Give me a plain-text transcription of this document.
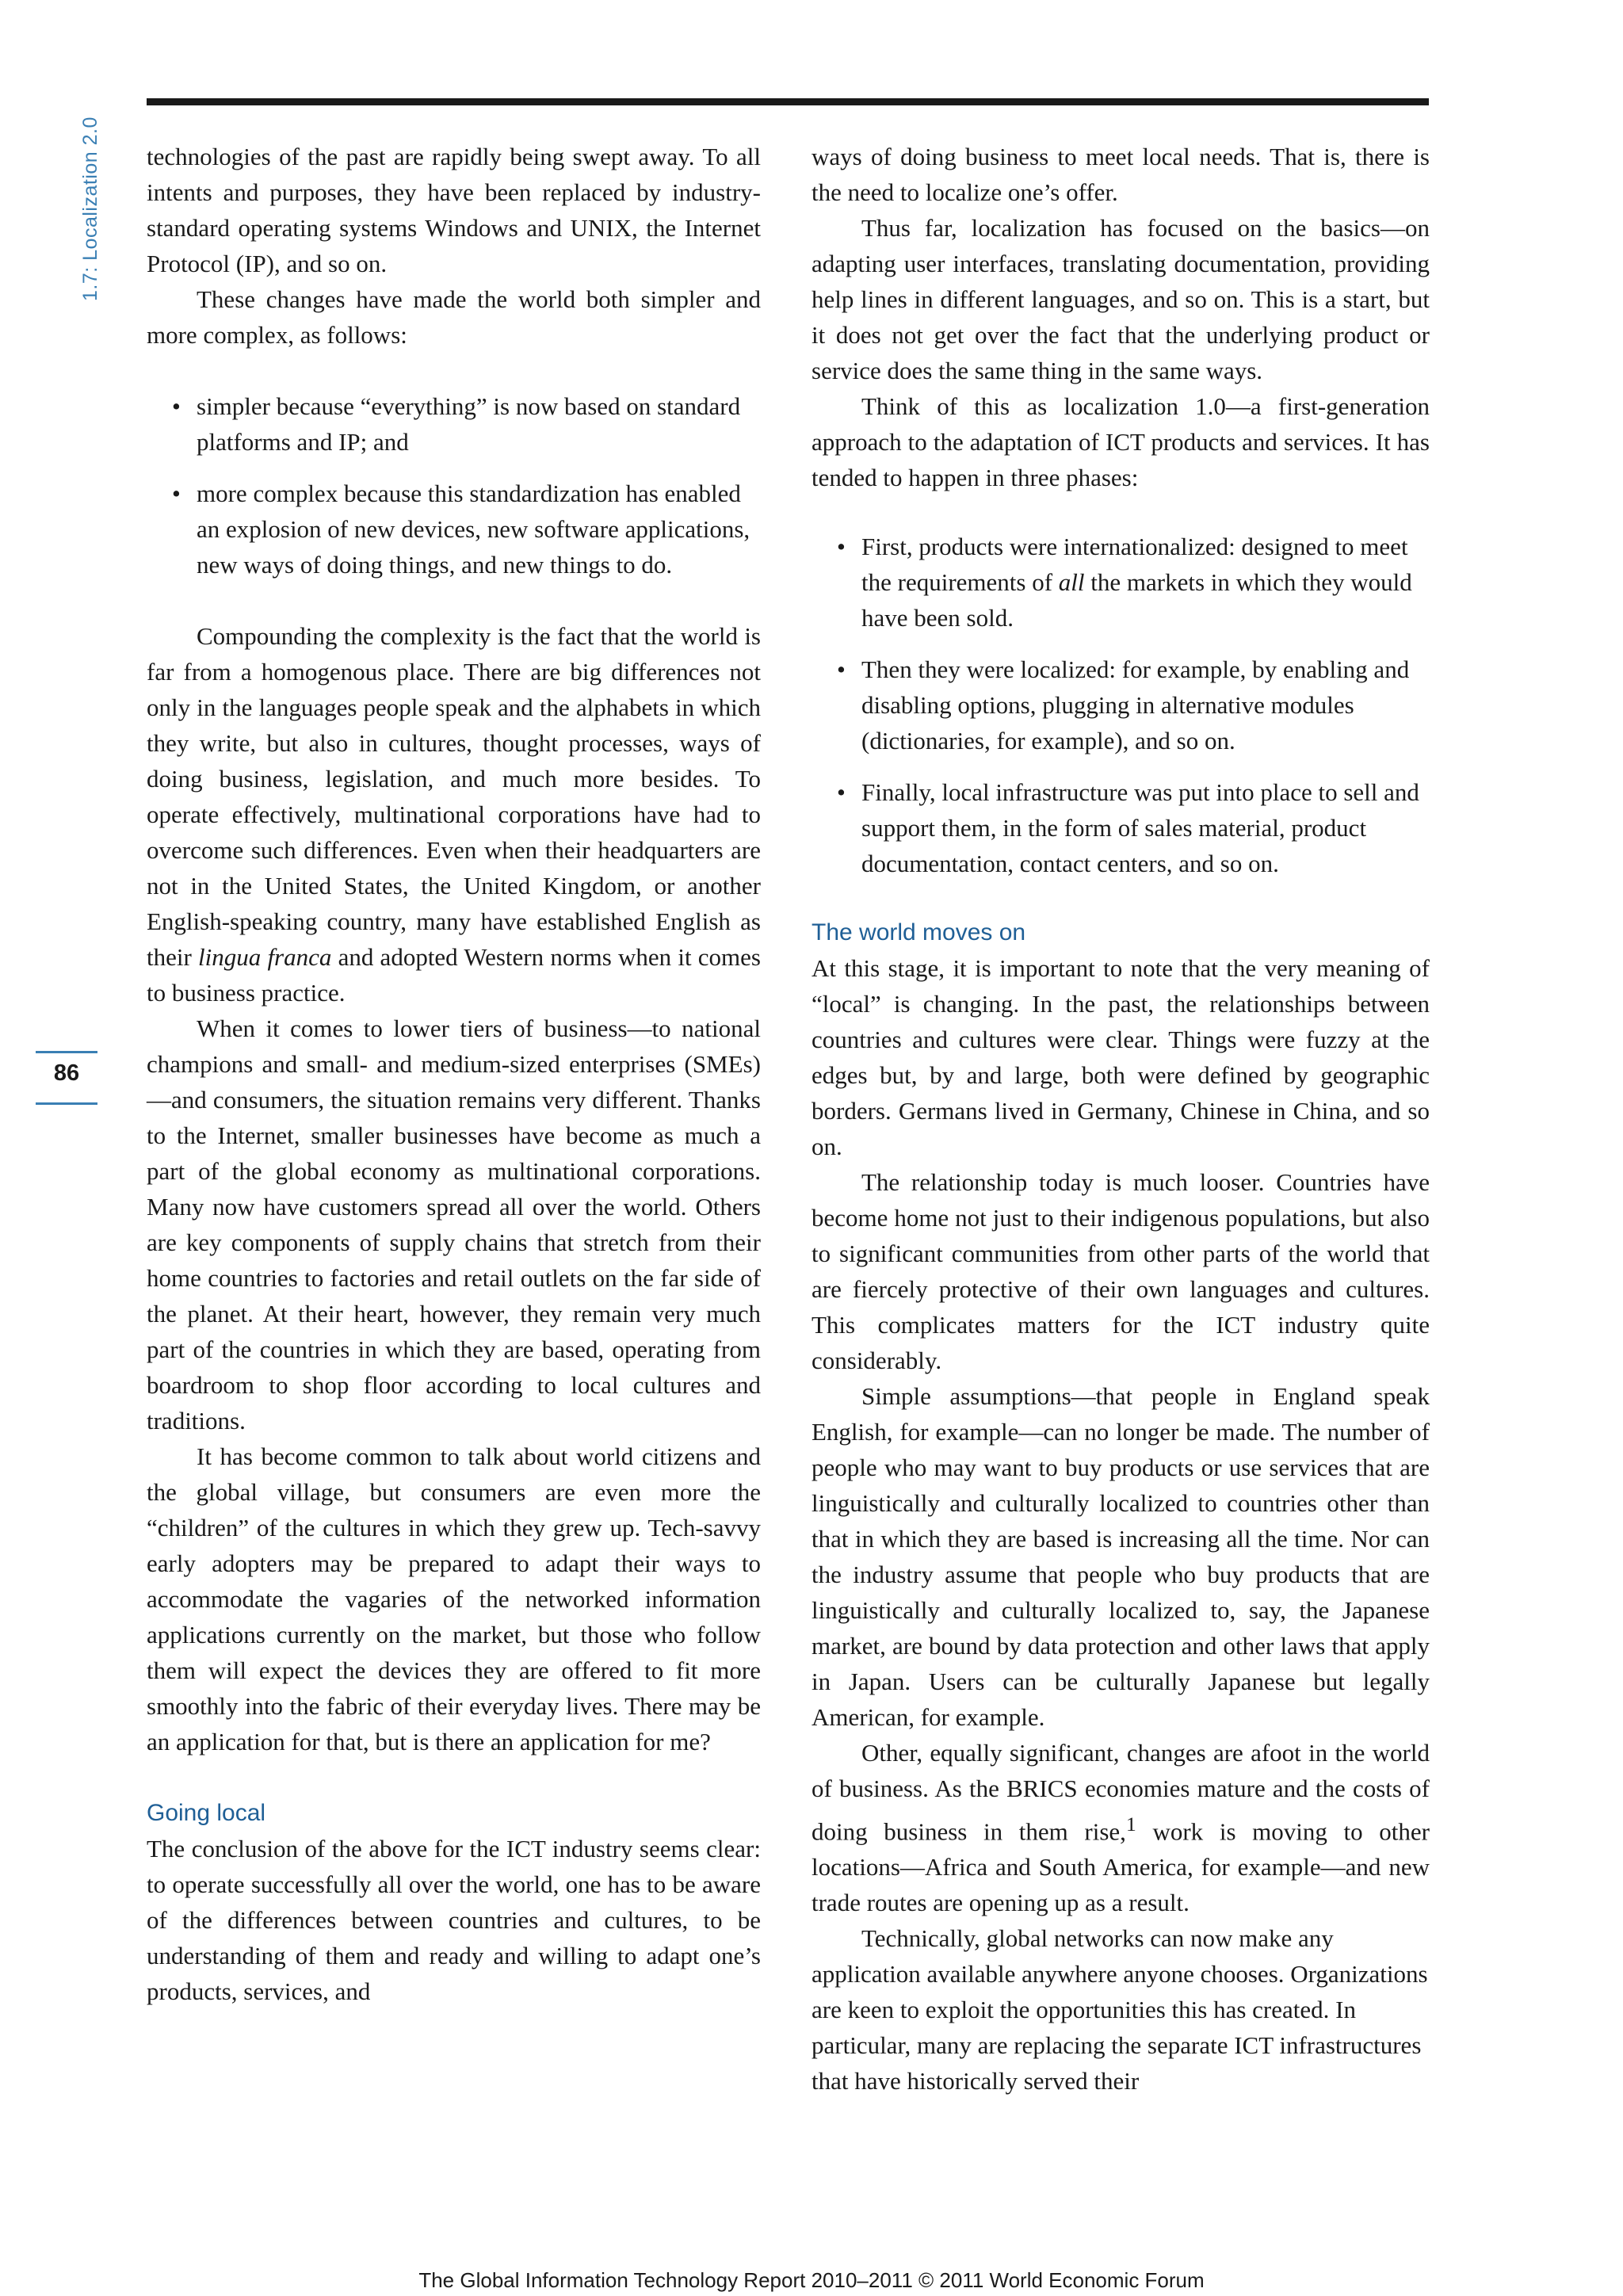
1.7: Localization 2.0
86

technologies of the past are rapidly being swept away. To all intents and purposes, they have been replaced by industry-standard operating systems Windows and UNIX, the Internet Protocol (IP), and so on.

These changes have made the world both simpler and more complex, as follows:

• simpler because “everything” is now based on standard platforms and IP; and
• more complex because this standardization has enabled an explosion of new devices, new software applications, new ways of doing things, and new things to do.

Compounding the complexity is the fact that the world is far from a homogenous place. There are big differences not only in the languages people speak and the alphabets in which they write, but also in cultures, thought processes, ways of doing business, legislation, and much more besides. To operate effectively, multinational corporations have had to overcome such differences. Even when their headquarters are not in the United States, the United Kingdom, or another English-speaking country, many have established English as their lingua franca and adopted Western norms when it comes to business practice.

When it comes to lower tiers of business—to national champions and small- and medium-sized enterprises (SMEs)—and consumers, the situation remains very different. Thanks to the Internet, smaller businesses have become as much a part of the global economy as multinational corporations. Many now have customers spread all over the world. Others are key components of supply chains that stretch from their home countries to factories and retail outlets on the far side of the planet. At their heart, however, they remain very much part of the countries in which they are based, operating from boardroom to shop floor according to local cultures and traditions.

It has become common to talk about world citizens and the global village, but consumers are even more the “children” of the cultures in which they grew up. Tech-savvy early adopters may be prepared to adapt their ways to accommodate the vagaries of the networked information applications currently on the market, but those who follow them will expect the devices they are offered to fit more smoothly into the fabric of their everyday lives. There may be an application for that, but is there an application for me?

Going local

The conclusion of the above for the ICT industry seems clear: to operate successfully all over the world, one has to be aware of the differences between countries and cultures, to be understanding of them and ready and willing to adapt one’s products, services, and

ways of doing business to meet local needs. That is, there is the need to localize one’s offer.

Thus far, localization has focused on the basics—on adapting user interfaces, translating documentation, providing help lines in different languages, and so on. This is a start, but it does not get over the fact that the underlying product or service does the same thing in the same ways.

Think of this as localization 1.0—a first-generation approach to the adaptation of ICT products and services. It has tended to happen in three phases:

• First, products were internationalized: designed to meet the requirements of all the markets in which they would have been sold.
• Then they were localized: for example, by enabling and disabling options, plugging in alternative modules (dictionaries, for example), and so on.
• Finally, local infrastructure was put into place to sell and support them, in the form of sales material, product documentation, contact centers, and so on.
The world moves on

At this stage, it is important to note that the very meaning of “local” is changing. In the past, the relationships between countries and cultures were clear. Things were fuzzy at the edges but, by and large, both were defined by geographic borders. Germans lived in Germany, Chinese in China, and so on.

The relationship today is much looser. Countries have become home not just to their indigenous populations, but also to significant communities from other parts of the world that are fiercely protective of their own languages and cultures. This complicates matters for the ICT industry quite considerably.

Simple assumptions—that people in England speak English, for example—can no longer be made. The number of people who may want to buy products or use services that are linguistically and culturally localized to countries other than that in which they are based is increasing all the time. Nor can the industry assume that people who buy products that are linguistically and culturally localized to, say, the Japanese market, are bound by data protection and other laws that apply in Japan. Users can be culturally Japanese but legally American, for example.

Other, equally significant, changes are afoot in the world of business. As the BRICS economies mature and the costs of doing business in them rise,$^1$ work is moving to other locations—Africa and South America, for example—and new trade routes are opening up as a result.

Technically, global networks can now make any application available anywhere anyone chooses. Organizations are keen to exploit the opportunities this has created. In particular, many are replacing the separate ICT infrastructures that have historically served their

The Global Information Technology Report 2010–2011 © 2011 World Economic Forum
